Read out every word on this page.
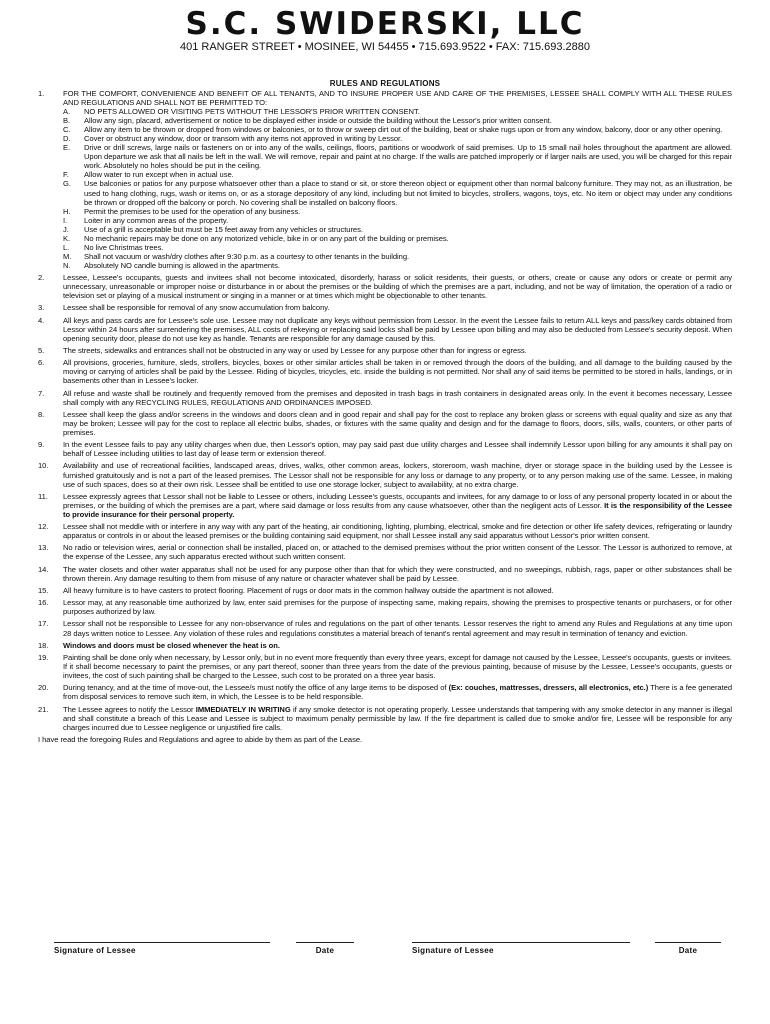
S.C. SWIDERSKI, LLC
401 RANGER STREET • MOSINEE, WI 54455 • 715.693.9522 • FAX: 715.693.2880
RULES AND REGULATIONS
1.	FOR THE COMFORT, CONVENIENCE AND BENEFIT OF ALL TENANTS, AND TO INSURE PROPER USE AND CARE OF THE PREMISES, LESSEE SHALL COMPLY WITH ALL THESE RULES AND REGULATIONS AND SHALL NOT BE PERMITTED TO:
A.	NO PETS ALLOWED OR VISITING PETS WITHOUT THE LESSOR'S PRIOR WRITTEN CONSENT.
B.	Allow any sign, placard, advertisement or notice to be displayed either inside or outside the building without the Lessor's prior written consent.
C.	Allow any item to be thrown or dropped from windows or balconies, or to throw or sweep dirt out of the building, beat or shake rugs upon or from any window, balcony, door or any other opening.
D.	Cover or obstruct any window, door or transom with any items not approved in writing by Lessor.
E.	Drive or drill screws, large nails or fasteners on or into any of the walls, ceilings, floors, partitions or woodwork of said premises. Up to 15 small nail holes throughout the apartment are allowed. Upon departure we ask that all nails be left in the wall. We will remove, repair and paint at no charge. If the walls are patched improperly or if larger nails are used, you will be charged for this repair work. Absolutely no holes should be put in the ceiling.
F.	Allow water to run except when in actual use.
G.	Use balconies or patios for any purpose whatsoever other than a place to stand or sit, or store thereon object or equipment other than normal balcony furniture. They may not, as an illustration, be used to hang clothing, rugs, wash or items on, or as a storage depository of any kind, including but not limited to bicycles, strollers, wagons, toys, etc. No item or object may under any conditions be thrown or dropped off the balcony or porch. No covering shall be installed on balcony floors.
H.	Permit the premises to be used for the operation of any business.
I.	Loiter in any common areas of the property.
J.	Use of a grill is acceptable but must be 15 feet away from any vehicles or structures.
K.	No mechanic repairs may be done on any motorized vehicle, bike in or on any part of the building or premises.
L.	No live Christmas trees.
M.	Shall not vacuum or wash/dry clothes after 9:30 p.m. as a courtesy to other tenants in the building.
N.	Absolutely NO candle burning is allowed in the apartments.
2.	Lessee, Lessee's occupants, guests and invitees shall not become intoxicated, disorderly, harass or solicit residents, their guests, or others, create or cause any odors or create or permit any unnecessary, unreasonable or improper noise or disturbance in or about the premises or the building of which the premises are a part, including, and not be way of limitation, the operation of a radio or television set or playing of a musical instrument or singing in a manner or at times which might be objectionable to other tenants.
3.	Lessee shall be responsible for removal of any snow accumulation from balcony.
4.	All keys and pass cards are for Lessee's sole use. Lessee may not duplicate any keys without permission from Lessor. In the event the Lessee fails to return ALL keys and pass/key cards obtained from Lessor within 24 hours after surrendering the premises, ALL costs of rekeying or replacing said locks shall be paid by Lessee upon billing and may also be deducted from Lessee's security deposit. When opening security door, please do not use key as handle. Tenants are responsible for any damage caused by this.
5.	The streets, sidewalks and entrances shall not be obstructed in any way or used by Lessee for any purpose other than for ingress or egress.
6.	All provisions, groceries, furniture, sleds, strollers, bicycles, boxes or other similar articles shall be taken in or removed through the doors of the building, and all damage to the building caused by the moving or carrying of articles shall be paid by the Lessee. Riding of bicycles, tricycles, etc. inside the building is not permitted. Nor shall any of said items be permitted to be stored in halls, landings, or in basements other than in Lessee's locker.
7.	All refuse and waste shall be routinely and frequently removed from the premises and deposited in trash bags in trash containers in designated areas only. In the event it becomes necessary, Lessee shall comply with any RECYCLING RULES, REGULATIONS AND ORDINANCES IMPOSED.
8.	Lessee shall keep the glass and/or screens in the windows and doors clean and in good repair and shall pay for the cost to replace any broken glass or screens with equal quality and size as any that may be broken; Lessee will pay for the cost to replace all electric bulbs, shades, or fixtures with the same quality and design and for the damage to floors, doors, sills, walls, counters, or other parts of premises.
9.	In the event Lessee fails to pay any utility charges when due, then Lessor's option, may pay said past due utility charges and Lessee shall indemnify Lessor upon billing for any amounts it shall pay on behalf of Lessee including utilities to last day of lease term or extension thereof.
10.	Availability and use of recreational facilities, landscaped areas, drives, walks, other common areas, lockers, storeroom, wash machine, dryer or storage space in the building used by the Lessee is furnished gratuitously and is not a part of the leased premises. The Lessor shall not be responsible for any loss or damage to any property, or to any person making use of the same. Lessee, in making use of such spaces, does so at their own risk. Lessee shall be entitled to use one storage locker, subject to availability, at no extra charge.
11.	Lessee expressly agrees that Lessor shall not be liable to Lessee or others, including Lessee's guests, occupants and invitees, for any damage to or loss of any personal property located in or about the premises, or the building of which the premises are a part, where said damage or loss results from any cause whatsoever, other than the negligent acts of Lessor. It is the responsibility of the Lessee to provide insurance for their personal property.
12.	Lessee shall not meddle with or interfere in any way with any part of the heating, air conditioning, lighting, plumbing, electrical, smoke and fire detection or other life safety devices, refrigerating or laundry apparatus or controls in or about the leased premises or the building containing said equipment, nor shall Lessee install any said apparatus without Lessor's prior written consent.
13.	No radio or television wires, aerial or connection shall be installed, placed on, or attached to the demised premises without the prior written consent of the Lessor. The Lessor is authorized to remove, at the expense of the Lessee, any such apparatus erected without such written consent.
14.	The water closets and other water apparatus shall not be used for any purpose other than that for which they were constructed, and no sweepings, rubbish, rags, paper or other substances shall be thrown therein. Any damage resulting to them from misuse of any nature or character whatever shall be paid by Lessee.
15.	All heavy furniture is to have casters to protect flooring. Placement of rugs or door mats in the common hallway outside the apartment is not allowed.
16.	Lessor may, at any reasonable time authorized by law, enter said premises for the purpose of inspecting same, making repairs, showing the premises to prospective tenants or purchasers, or for other purposes authorized by law.
17.	Lessor shall not be responsible to Lessee for any non-observance of rules and regulations on the part of other tenants. Lessor reserves the right to amend any Rules and Regulations at any time upon 28 days written notice to Lessee. Any violation of these rules and regulations constitutes a material breach of tenant's rental agreement and may result in termination of tenancy and eviction.
18.	Windows and doors must be closed whenever the heat is on.
19.	Painting shall be done only when necessary, by Lessor only, but in no event more frequently than every three years, except for damage not caused by the Lessee, Lessee's occupants, guests or invitees. If it shall become necessary to paint the premises, or any part thereof, sooner than three years from the date of the previous painting, because of misuse by the Lessee, Lessee's occupants, guests or invitees, the cost of such painting shall be charged to the Lessee, such cost to be prorated on a three year basis.
20.	During tenancy, and at the time of move-out, the Lessee/s must notify the office of any large items to be disposed of (Ex: couches, mattresses, dressers, all electronics, etc.) There is a fee generated from disposal services to remove such item, in which, the Lessee is to be held responsible.
21.	The Lessee agrees to notify the Lessor IMMEDIATELY IN WRITING if any smoke detector is not operating properly. Lessee understands that tampering with any smoke detector in any manner is illegal and shall constitute a breach of this Lease and Lessee is subject to maximum penalty permissible by law. If the fire department is called due to smoke and/or fire, Lessee will be responsible for any charges incurred due to Lessee negligence or unjustified fire calls.
I have read the foregoing Rules and Regulations and agree to abide by them as part of the Lease.
Signature of Lessee	Date	Signature of Lessee	Date
